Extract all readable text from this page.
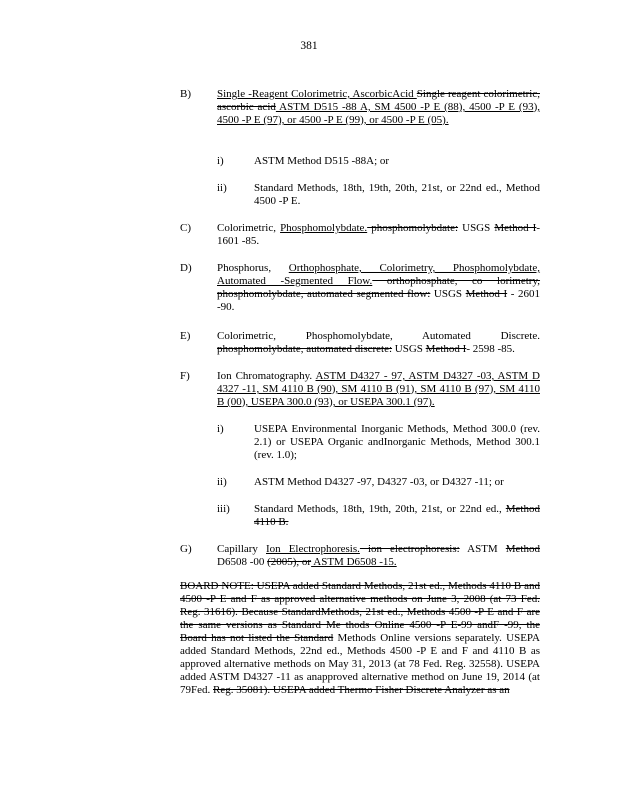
381
B) Single -Reagent Colorimetric, AscorbicAcid Single reagent colorimetric, ascorbic acid ASTM D515 -88 A, SM 4500 -P E (88), 4500 -P E (93), 4500 -P E (97), or 4500 -P E (99), or 4500 -P E (05).
i)	ASTM Method D515 -88A; or
ii) Standard Methods, 18th, 19th, 20th, 21st, or 22nd ed., Method 4500 -P E.
C) Colorimetric, Phosphomolybdate. phosphomolybdate: USGS Method I- 1601 -85.
D) Phosphorus, Orthophosphate, Colorimetry, Phosphomolybdate, Automated -Segmented Flow. orthophosphate, co lorimetry, phosphomolybdate, automated segmented flow: USGS Method I - 2601 -90.
E) Colorimetric, Phosphomolybdate, Automated Discrete. phosphomolybdate, automated discrete: USGS Method I- 2598 -85.
F) Ion Chromatography. ASTM D4327 - 97, ASTM D4327 -03, ASTM D 4327 -11, SM 4110 B (90), SM 4110 B (91), SM 4110 B (97), SM 4110 B (00), USEPA 300.0 (93), or USEPA 300.1 (97).
i)	USEPA Environmental Inorganic Methods, Method 300.0 (rev. 2.1) or USEPA Organic andInorganic Methods, Method 300.1 (rev. 1.0);
ii) ASTM Method D4327 -97, D4327 -03, or D4327 -11; or
iii) Standard Methods, 18th, 19th, 20th, 21st, or 22nd ed., Method 4110 B.
G) Capillary Ion Electrophoresis. ion electrophoresis: ASTM Method D6508 -00 (2005), or ASTM D6508 -15.
BOARD NOTE: USEPA added Standard Methods, 21st ed., Methods 4110 B and 4500 -P E and F as approved alternative methods on June 3, 2008 (at 73 Fed. Reg. 31616). Because StandardMethods, 21st ed., Methods 4500 -P E and F are the same versions as Standard Me thods Online 4500 -P E-99 andF -99, the Board has not listed the Standard Methods Online versions separately. USEPA added Standard Methods, 22nd ed., Methods 4500 -P E and F and 4110 B as approved alternative methods on May 31, 2013 (at 78 Fed. Reg. 32558). USEPA added ASTM D4327 -11 as anapproved alternative method on June 19, 2014 (at 79Fed. Reg. 35081). USEPA added Thermo Fisher Discrete Analyzer as an
